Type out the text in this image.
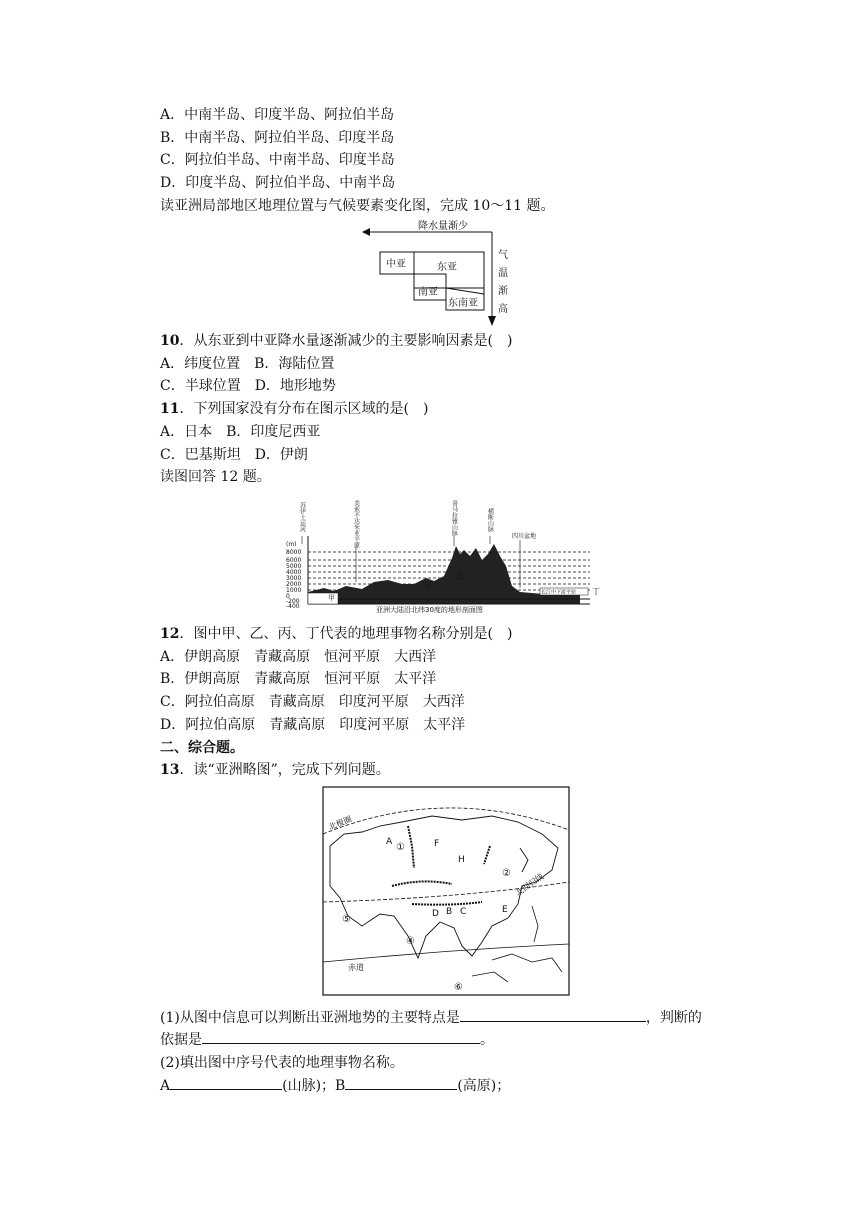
A．中南半岛、印度半岛、阿拉伯半岛
B．中南半岛、阿拉伯半岛、印度半岛
C．阿拉伯半岛、中南半岛、印度半岛
D．印度半岛、阿拉伯半岛、中南半岛
读亚洲局部地区地理位置与气候要素变化图，完成 10～11 题。
降水量渐少
气
温
渐
高
中亚	东亚
南亚
东南亚
10．从东亚到中亚降水量逐渐减少的主要影响因素是(　)
A．纬度位置　B．海陆位置
C．半球位置　D．地形地势
11．下列国家没有分布在图示区域的是(　)
A．日本　B．印度尼西亚
C．巴基斯坦　D．伊朗
读图回答 12 题。
(m)
8000
6000
5000
4000
3000
2000
1000
0
-200
-400
长江中下游平原 丁
甲
丙
乙
苏伊士运河	美索不达米亚平原	喜马拉雅山脉	横断山脉
四川盆地
亚洲大陆沿北纬30度的地形剖面图
12．图中甲、乙、丙、丁代表的地理事物名称分别是(　)
A．伊朗高原　青藏高原　恒河平原　大西洋
B．伊朗高原　青藏高原　恒河平原　太平洋
C．阿拉伯高原　青藏高原　印度河平原　大西洋
D．阿拉伯高原　青藏高原　印度河平原　太平洋
二、综合题。
13．读“亚洲略图”，完成下列问题。
北极圈
北回归线
赤道
A
B C
D	E
F
H
①
②
④
⑤
⑥
(1)从图中信息可以判断出亚洲地势的主要特点是	，判断的
依据是	。
(2)填出图中序号代表的地理事物名称。
A	(山脉)；B	(高原)；
